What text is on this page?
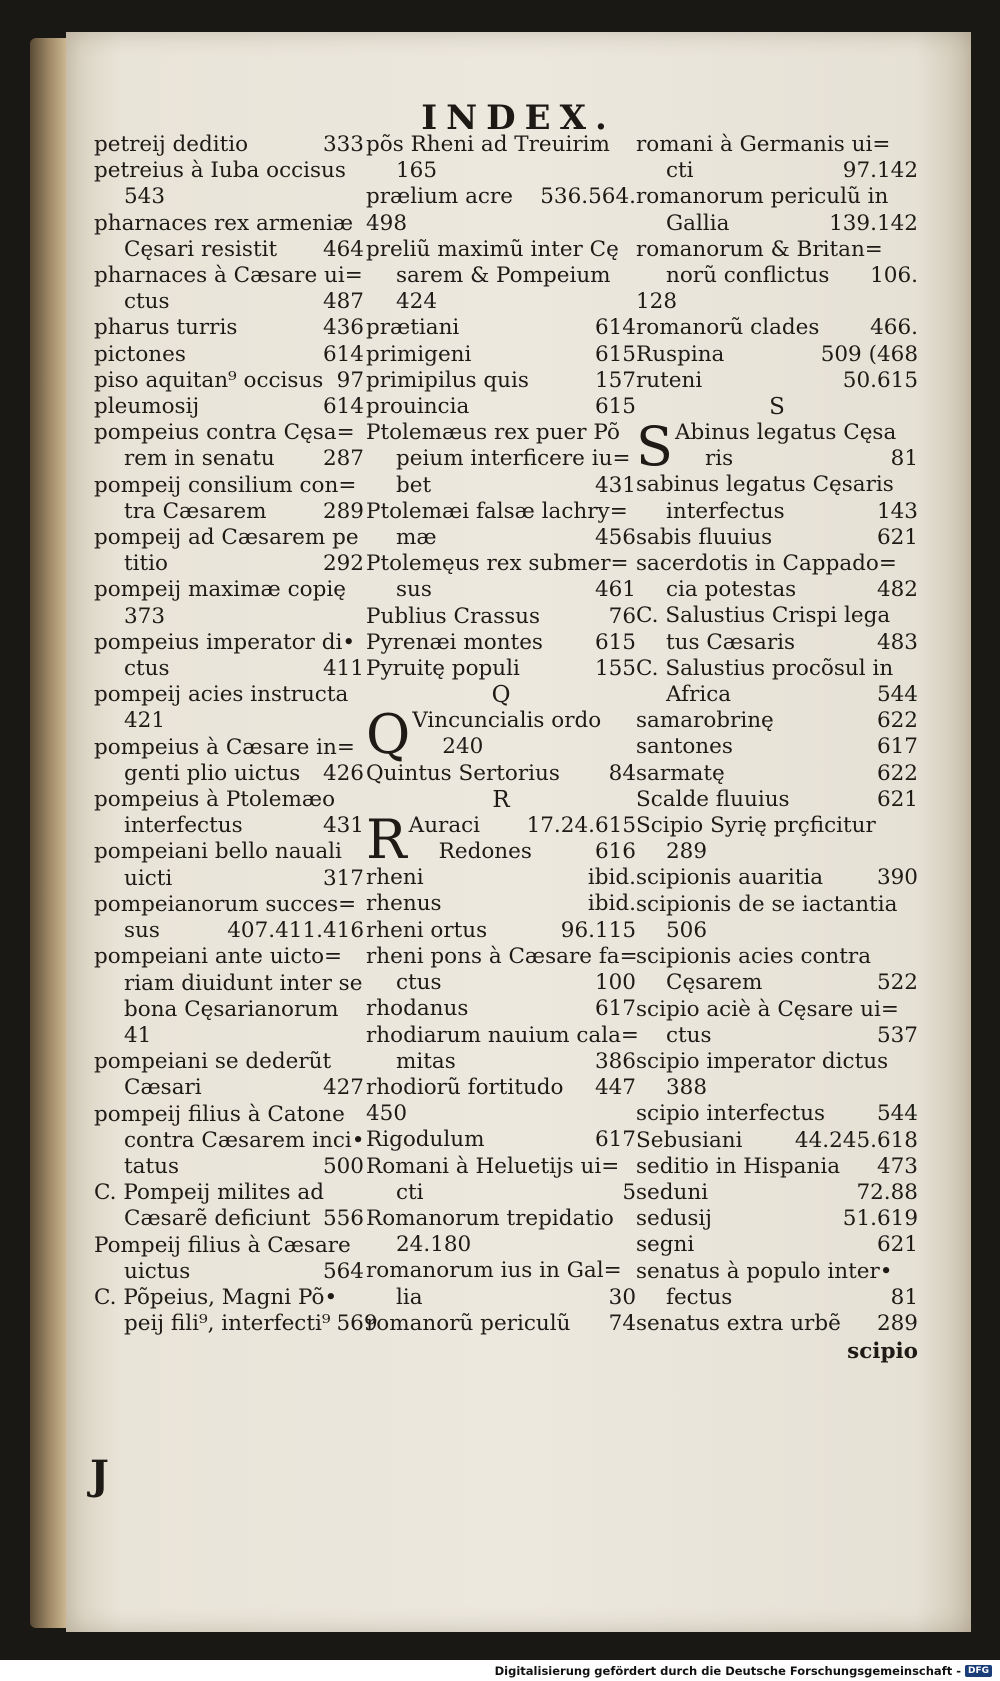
INDEX.
petreij deditio	333
petreius à Iuba occisus
543
pharnaces rex armeniæ
Cęsari resistit 464
pharnaces à Cæsare ui=
ctus	487
pharus turris	436
pictones	614
piso aquitan⁹ occisus 97
pleumosij	614
pompeius contra Cęsa=
rem in senatu 287
pompeij consilium con=
tra Cæsarem	289
pompeij ad Cæsarem pe
titio	292
pompeij maximæ copię
373
pompeius imperator di•
ctus	411
pompeij acies instructa
421
pompeius à Cæsare in=
genti plio uictus 426
pompeius à Ptolemæo
interfectus	431
pompeiani bello nauali
uicti	317
pompeianorum succes=
sus	407.411.416
pompeiani ante uicto=
riam diuidunt inter se
bona Cęsarianorum
41
pompeiani se dederũt
Cæsari	427
pompeij filius à Catone
contra Cæsarem inci•
tatus	500
C. Pompeij milites ad
Cæsarẽ deficiunt 556
Pompeij filius à Cæsare
uictus	564
C. Põpeius, Magni Põ•
peij fili⁹, interfecti⁹ 569
põs Rheni ad Treuirim
165
prælium acre 536.564.
498
preliũ maximũ inter Cę
sarem & Pompeium
424
prætiani	614
primigeni	615
primipilus quis	157
prouincia	615
Ptolemæus rex puer Põ
peium interficere iu=
bet	431
Ptolemæi falsæ lachry=
mæ	456
Ptolemęus rex submer=
sus	461
Publius Crassus	76
Pyrenæi montes 615
Pyruitę populi	155
Q
Q Vincuncialis ordo
240
Quintus Sertorius 84
R
R Auraci 17.24.615
Redones	616
rheni	ibid.
rhenus	ibid.
rheni ortus	96.115
rheni pons à Cæsare fa=
ctus	100
rhodanus	617
rhodiarum nauium cala=
mitas	386
rhodiorũ fortitudo 447
450
Rigodulum	617
Romani à Heluetijs ui=
cti	5
Romanorum trepidatio
24.180
romanorum ius in Gal=
lia	30
romanorũ periculũ 74
romani à Germanis ui=
cti	97.142
romanorum periculũ in
Gallia	139.142
romanorum & Britan=
norũ conflictus 106.
128
romanorũ clades 466.
Ruspina	509 (468
ruteni	50.615
S
S Abinus legatus Cęsa
ris	81
sabinus legatus Cęsaris
interfectus	143
sabis fluuius	621
sacerdotis in Cappado=
cia potestas	482
C. Salustius Crispi lega
tus Cæsaris	483
C. Salustius procõsul in
Africa	544
samarobrinę	622
santones	617
sarmatę	622
Scalde fluuius	621
Scipio Syrię prçficitur
289
scipionis auaritia	390
scipionis de se iactantia
506
scipionis acies contra
Cęsarem	522
scipio aciè à Cęsare ui=
ctus	537
scipio imperator dictus
388
scipio interfectus 544
Sebusiani 44.245.618
seditio in Hispania 473
seduni	72.88
sedusij	51.619
segni	621
senatus à populo inter•
fectus	81
senatus extra urbẽ 289
scipio
J
Digitalisierung gefördert durch die Deutsche Forschungsgemeinschaft - DFG
